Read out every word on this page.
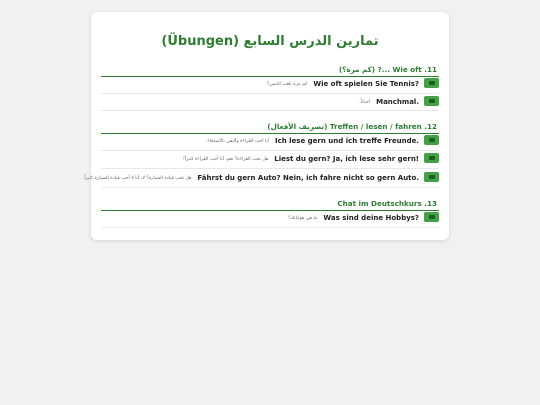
تمارين الدرس السابع (Übungen)
11. Wie oft ...? (كم مرة؟)
Wie oft spielen Sie Tennis?
كم مرة تلعب التنس؟
Manchmal.
أحياناً.
12. Treffen / lesen / fahren (تصريف الأفعال)
Ich lese gern und ich treffe Freunde.
أنا أحب القراءة وألتقي بالأصدقاء.
Liest du gern? Ja, ich lese sehr gern!
هل تحب القراءة؟ نعم، أنا أحب القراءة كثيراً!
Fährst du gern Auto? Nein, ich fahre nicht so gern Auto.
هل تحب قيادة السيارة؟ لا، أنا لا أحب قيادة السيارة كثيراً.
13. Chat im Deutschkurs
Was sind deine Hobbys?
ما هي هواياتك؟
